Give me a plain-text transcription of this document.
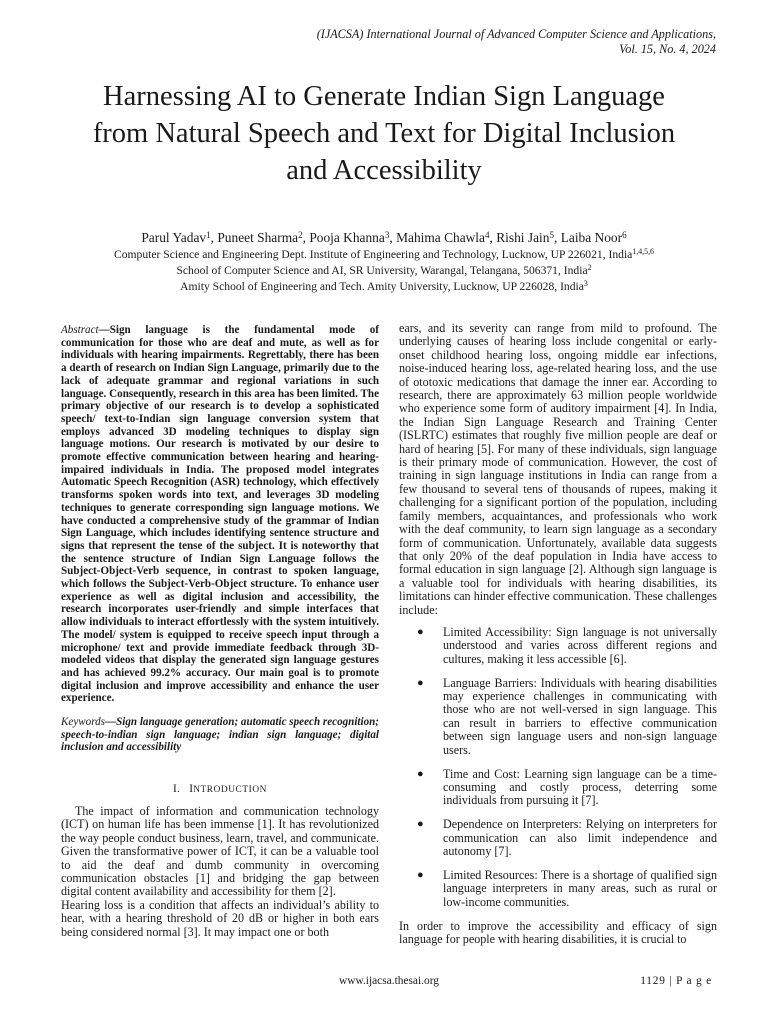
(IJACSA) International Journal of Advanced Computer Science and Applications,
Vol. 15, No. 4, 2024
Harnessing AI to Generate Indian Sign Language
from Natural Speech and Text for Digital Inclusion
and Accessibility
Parul Yadav$^1$, Puneet Sharma$^2$, Pooja Khanna$^3$, Mahima Chawla$^4$, Rishi Jain$^5$, Laiba Noor$^6$
Computer Science and Engineering Dept. Institute of Engineering and Technology, Lucknow, UP 226021, India$^{1,4,5,6}$
School of Computer Science and AI, SR University, Warangal, Telangana, 506371, India$^2$
Amity School of Engineering and Tech. Amity University, Lucknow, UP 226028, India$^3$
Abstract—Sign language is the fundamental mode of communication for those who are deaf and mute, as well as for individuals with hearing impairments. Regrettably, there has been a dearth of research on Indian Sign Language, primarily due to the lack of adequate grammar and regional variations in such language. Consequently, research in this area has been limited. The primary objective of our research is to develop a sophisticated speech/ text-to-Indian sign language conversion system that employs advanced 3D modeling techniques to display sign language motions. Our research is motivated by our desire to promote effective communication between hearing and hearing-impaired individuals in India. The proposed model integrates Automatic Speech Recognition (ASR) technology, which effectively transforms spoken words into text, and leverages 3D modeling techniques to generate corresponding sign language motions. We have conducted a comprehensive study of the grammar of Indian Sign Language, which includes identifying sentence structure and signs that represent the tense of the subject. It is noteworthy that the sentence structure of Indian Sign Language follows the Subject-Object-Verb sequence, in contrast to spoken language, which follows the Subject-Verb-Object structure. To enhance user experience as well as digital inclusion and accessibility, the research incorporates user-friendly and simple interfaces that allow individuals to interact effortlessly with the system intuitively. The model/ system is equipped to receive speech input through a microphone/ text and provide immediate feedback through 3D-modeled videos that display the generated sign language gestures and has achieved 99.2% accuracy. Our main goal is to promote digital inclusion and improve accessibility and enhance the user experience.
Keywords—Sign language generation; automatic speech recognition; speech-to-indian sign language; indian sign language; digital inclusion and accessibility
I. INTRODUCTION

The impact of information and communication technology (ICT) on human life has been immense [1]. It has revolutionized the way people conduct business, learn, travel, and communicate. Given the transformative power of ICT, it can be a valuable tool to aid the deaf and dumb community in overcoming communication obstacles [1] and bridging the gap between digital content availability and accessibility for them [2].

Hearing loss is a condition that affects an individual’s ability to hear, with a hearing threshold of 20 dB or higher in both ears being considered normal [3]. It may impact one or both

ears, and its severity can range from mild to profound. The underlying causes of hearing loss include congenital or early-onset childhood hearing loss, ongoing middle ear infections, noise-induced hearing loss, age-related hearing loss, and the use of ototoxic medications that damage the inner ear. According to research, there are approximately 63 million people worldwide who experience some form of auditory impairment [4]. In India, the Indian Sign Language Research and Training Center (ISLRTC) estimates that roughly five million people are deaf or hard of hearing [5]. For many of these individuals, sign language is their primary mode of communication. However, the cost of training in sign language institutions in India can range from a few thousand to several tens of thousands of rupees, making it challenging for a significant portion of the population, including family members, acquaintances, and professionals who work with the deaf community, to learn sign language as a secondary form of communication. Unfortunately, available data suggests that only 20% of the deaf population in India have access to formal education in sign language [2]. Although sign language is a valuable tool for individuals with hearing disabilities, its limitations can hinder effective communication. These challenges include:

● Limited Accessibility: Sign language is not universally understood and varies across different regions and cultures, making it less accessible [6].
● Language Barriers: Individuals with hearing disabilities may experience challenges in communicating with those who are not well-versed in sign language. This can result in barriers to effective communication between sign language users and non-sign language users.
● Time and Cost: Learning sign language can be a time-consuming and costly process, deterring some individuals from pursuing it [7].
● Dependence on Interpreters: Relying on interpreters for communication can also limit independence and autonomy [7].
● Limited Resources: There is a shortage of qualified sign language interpreters in many areas, such as rural or low-income communities.

In order to improve the accessibility and efficacy of sign language for people with hearing disabilities, it is crucial to

www.ijacsa.thesai.org	1129 | P a g e
